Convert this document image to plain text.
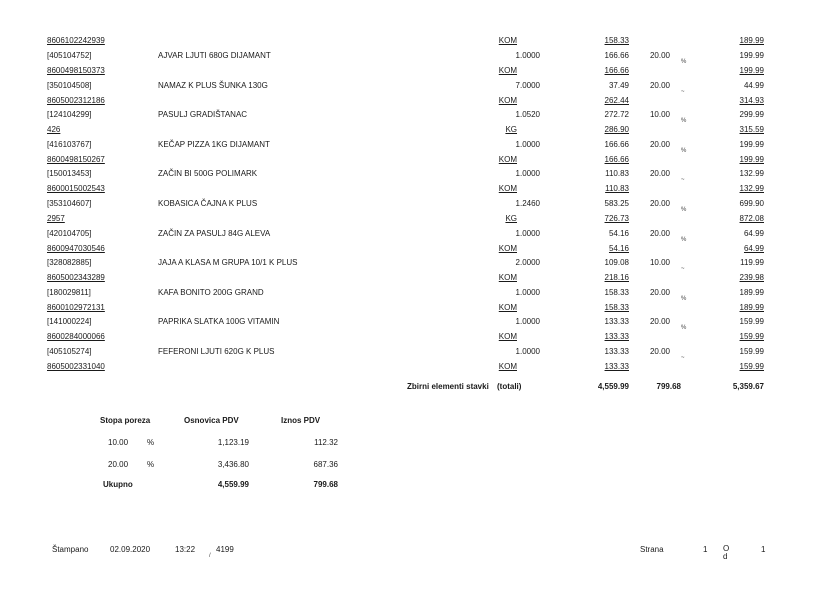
8606102242939	KOM	158.33	189.99
[405104752]	AJVAR LJUTI 680G DIJAMANT	1.0000	166.66	20.00	199.99
%
8600498150373	KOM	166.66	199.99
[350104508]	NAMAZ K PLUS ŠUNKA 130G	7.0000	37.49	20.00	44.99
~
8605002312186	KOM	262.44	314.93
[124104299]	PASULJ GRADIŠTANAC	1.0520	272.72	10.00	299.99
%
426	KG	286.90	315.59
[416103767]	KEČAP PIZZA 1KG DIJAMANT	1.0000	166.66	20.00	199.99
%
8600498150267	KOM	166.66	199.99
[150013453]	ZAČIN BI 500G POLIMARK	1.0000	110.83	20.00	132.99
~
8600015002543	KOM	110.83	132.99
[353104607]	KOBASICA ČAJNA K PLUS	1.2460	583.25	20.00	699.90
%
2957	KG	726.73	872.08
[420104705]	ZAČIN ZA PASULJ 84G ALEVA	1.0000	54.16	20.00	64.99
%
8600947030546	KOM	54.16	64.99
[328082885]	JAJA A KLASA M GRUPA 10/1 K PLUS	2.0000	109.08	10.00	119.99
~
8605002343289	KOM	218.16	239.98
[180029811]	KAFA BONITO 200G GRAND	1.0000	158.33	20.00	189.99
%
8600102972131	KOM	158.33	189.99
[141000224]	PAPRIKA SLATKA 100G VITAMIN	1.0000	133.33	20.00	159.99
%
8600284000066	KOM	133.33	159.99
[405105274]	FEFERONI LJUTI 620G K PLUS	1.0000	133.33	20.00	159.99
~
8605002331040	KOM	133.33	159.99
Zbirni elementi stavki (totali)	4,559.99	799.68	5,359.67
Stopa poreza	Osnovica PDV	Iznos PDV
10.00 %	1,123.19	112.32
20.00 %	3,436.80	687.36
Ukupno	4,559.99	799.68
Štampano	02.09.2020	13:22
/
4199	Strana	1 O
d
1
